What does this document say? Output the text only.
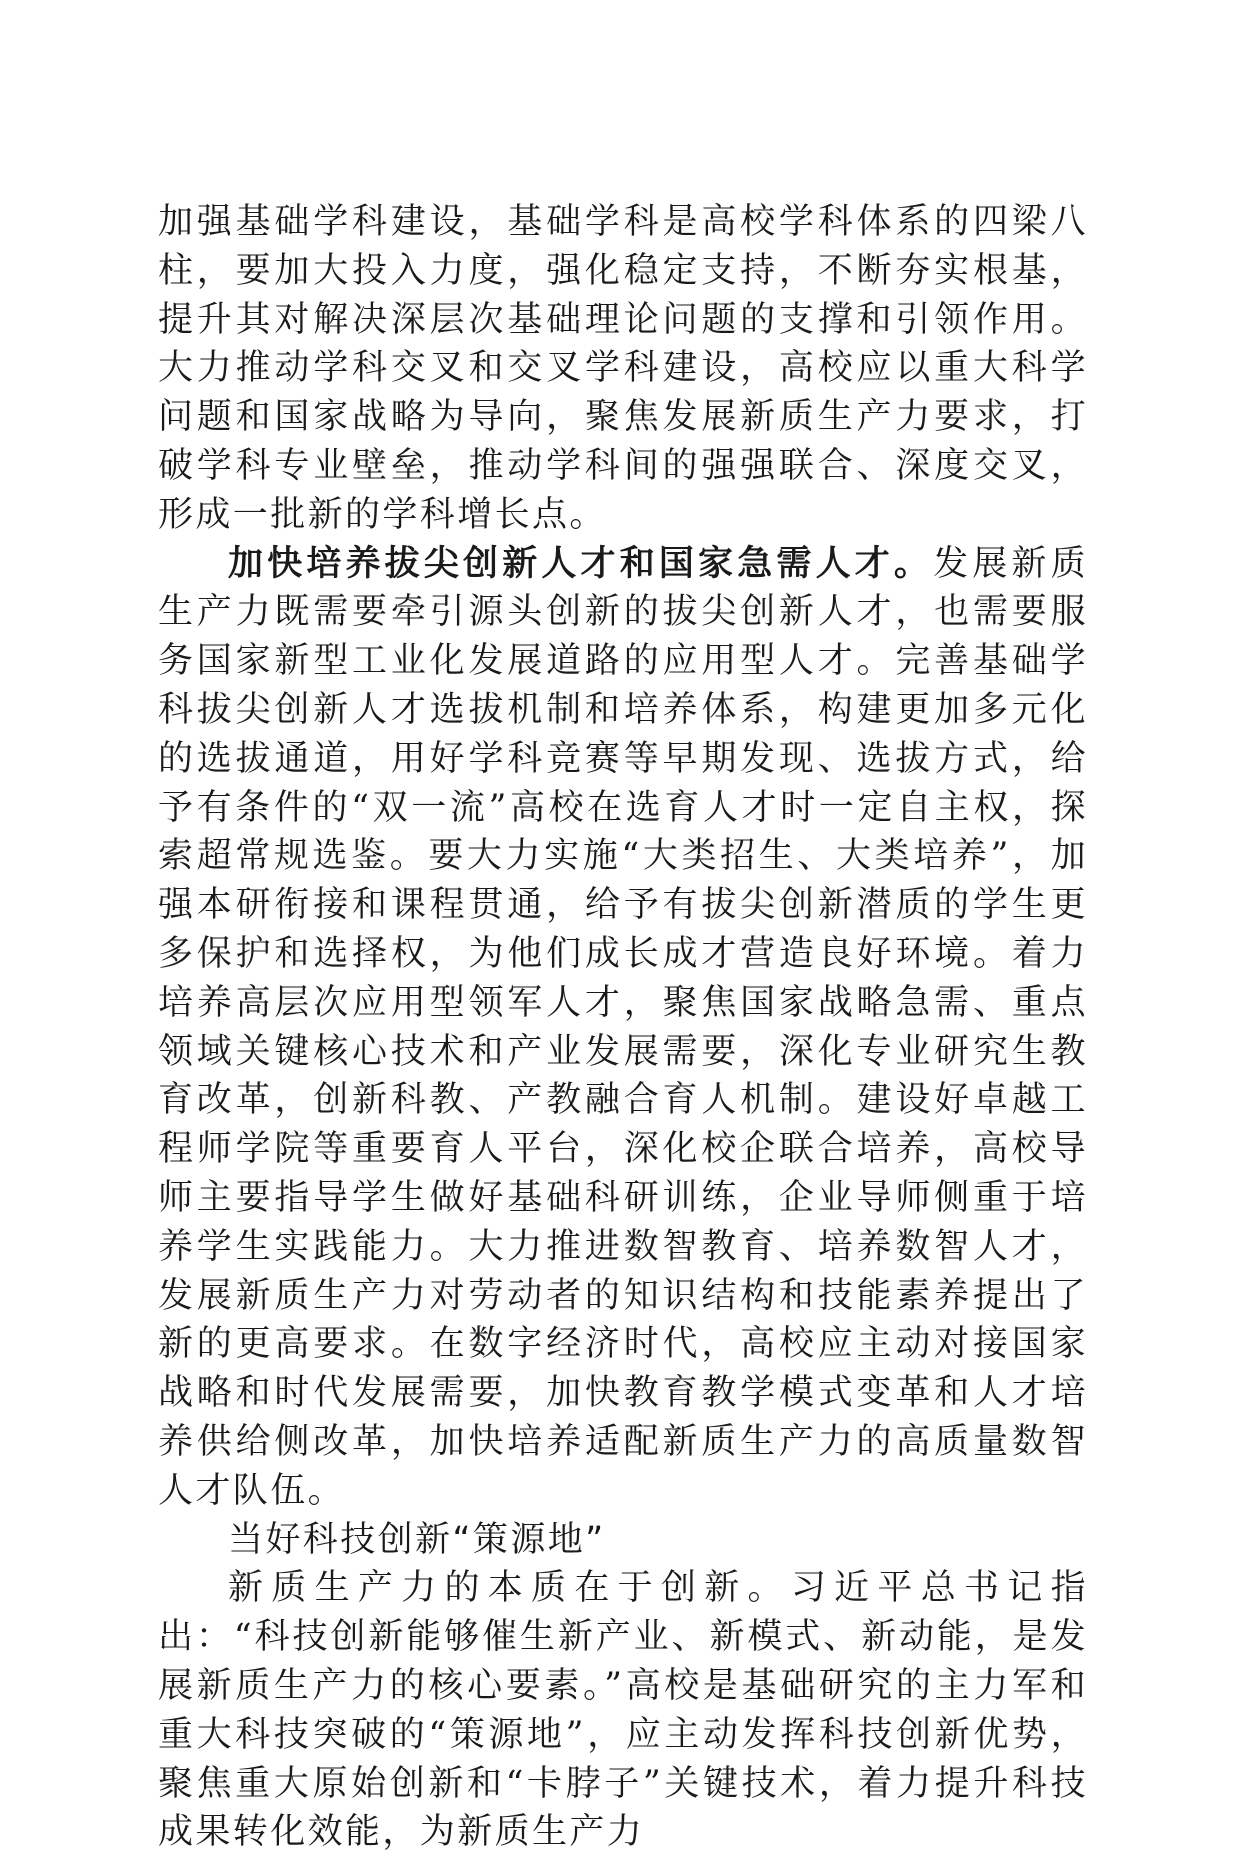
加强基础学科建设，基础学科是高校学科体系的四梁八柱，要加大投入力度，强化稳定支持，不断夯实根基，提升其对解决深层次基础理论问题的支撑和引领作用。大力推动学科交叉和交叉学科建设，高校应以重大科学问题和国家战略为导向，聚焦发展新质生产力要求，打破学科专业壁垒，推动学科间的强强联合、深度交叉，形成一批新的学科增长点。

加快培养拔尖创新人才和国家急需人才。发展新质生产力既需要牵引源头创新的拔尖创新人才，也需要服务国家新型工业化发展道路的应用型人才。完善基础学科拔尖创新人才选拔机制和培养体系，构建更加多元化的选拔通道，用好学科竞赛等早期发现、选拔方式，给予有条件的“双一流”高校在选育人才时一定自主权，探索超常规选鉴。要大力实施“大类招生、大类培养”，加强本研衔接和课程贯通，给予有拔尖创新潜质的学生更多保护和选择权，为他们成长成才营造良好环境。着力培养高层次应用型领军人才，聚焦国家战略急需、重点领域关键核心技术和产业发展需要，深化专业研究生教育改革，创新科教、产教融合育人机制。建设好卓越工程师学院等重要育人平台，深化校企联合培养，高校导师主要指导学生做好基础科研训练，企业导师侧重于培养学生实践能力。大力推进数智教育、培养数智人才，发展新质生产力对劳动者的知识结构和技能素养提出了新的更高要求。在数字经济时代，高校应主动对接国家战略和时代发展需要，加快教育教学模式变革和人才培养供给侧改革，加快培养适配新质生产力的高质量数智人才队伍。

当好科技创新“策源地”

新质生产力的本质在于创新。习近平总书记指出：“科技创新能够催生新产业、新模式、新动能，是发展新质生产力的核心要素。”高校是基础研究的主力军和重大科技突破的“策源地”，应主动发挥科技创新优势，聚焦重大原始创新和“卡脖子”关键技术，着力提升科技成果转化效能，为新质生产力
